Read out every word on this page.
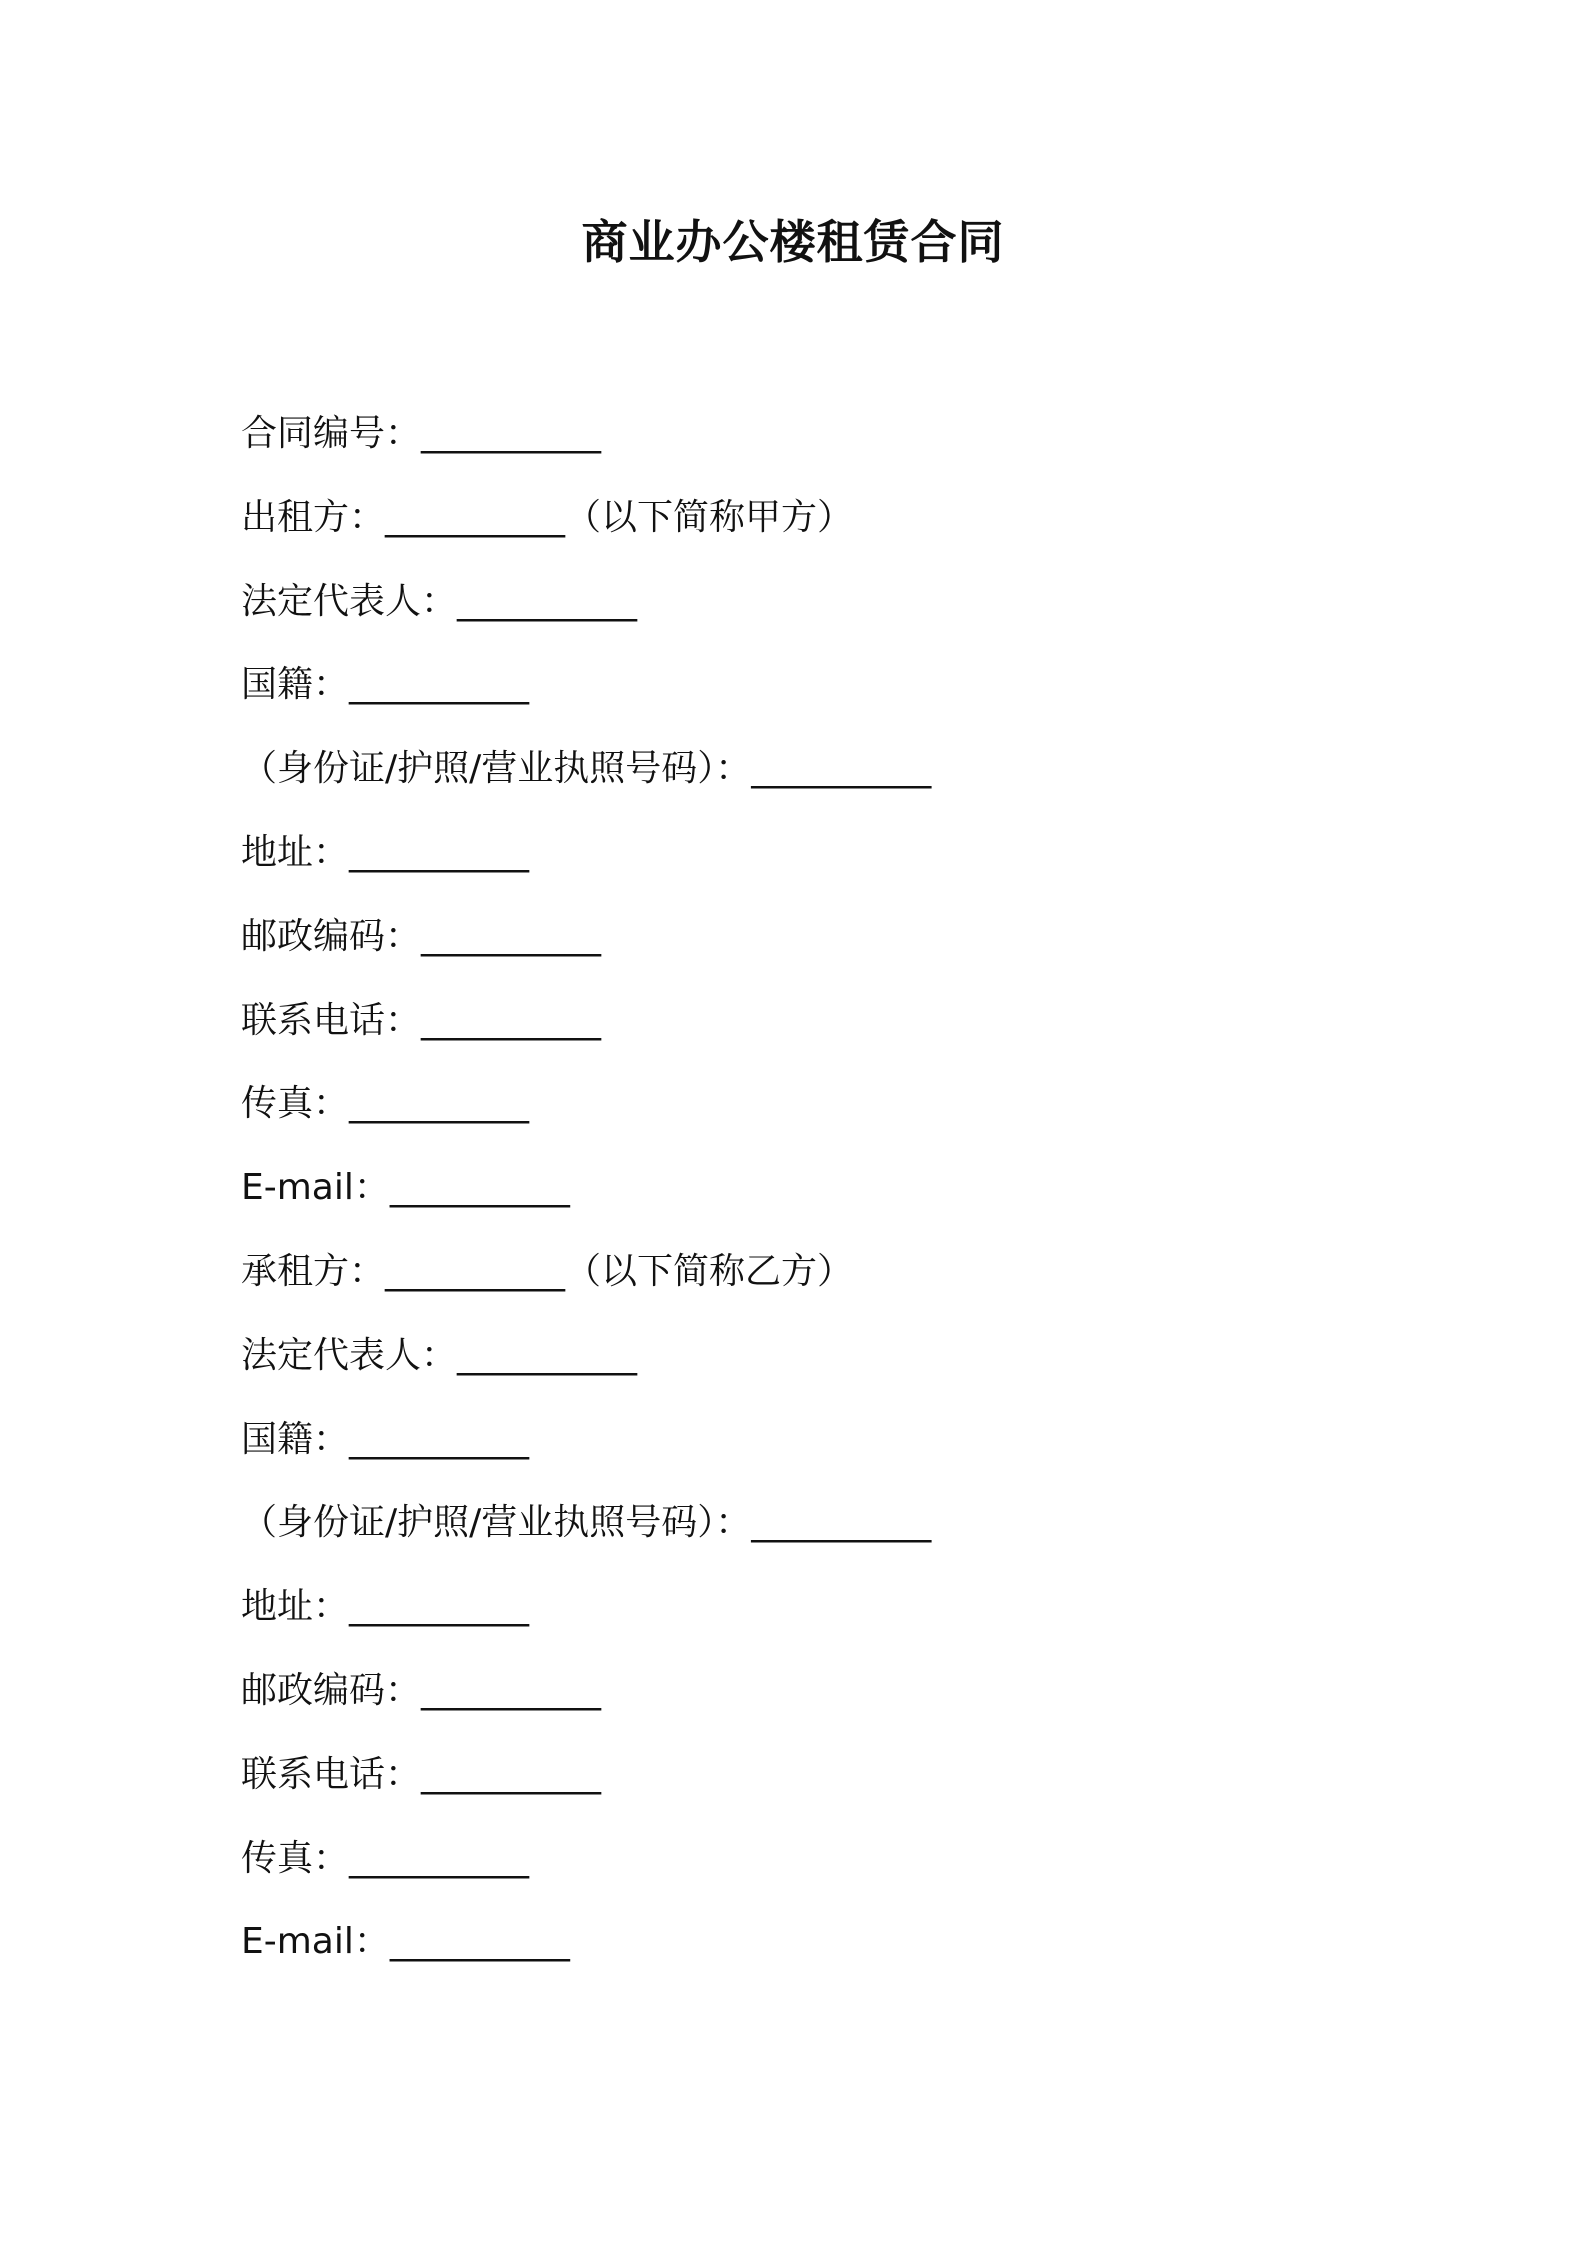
商业办公楼租赁合同
合同编号：__________
出租方：__________（以下简称甲方）
法定代表人：__________
国籍：__________
（身份证/护照/营业执照号码）：__________
地址：__________
邮政编码：__________
联系电话：__________
传真：__________
E-mail：__________
承租方：__________（以下简称乙方）
法定代表人：__________
国籍：__________
（身份证/护照/营业执照号码）：__________
地址：__________
邮政编码：__________
联系电话：__________
传真：__________
E-mail：__________
